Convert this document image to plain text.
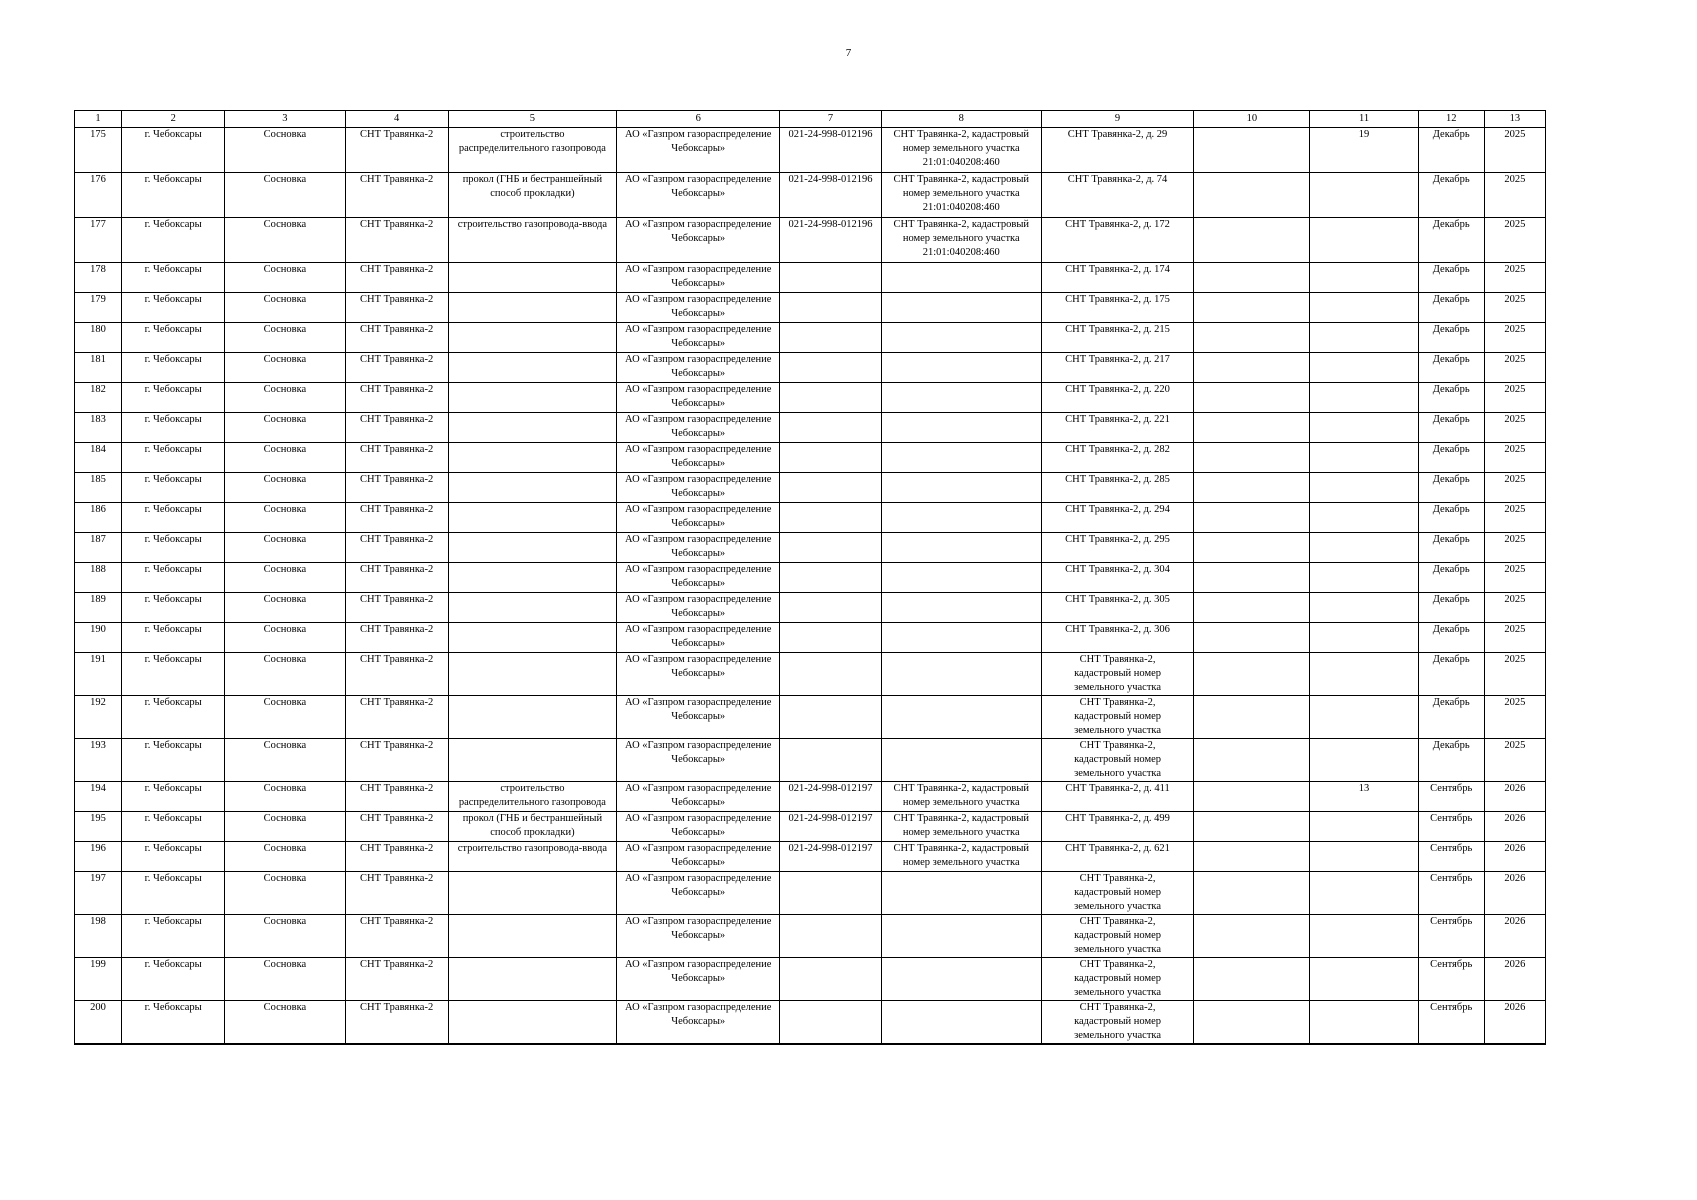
7
1	2	3	4	5	6	7	8	9	10	11	12	13
175	г. Чебоксары	Сосновка	СНТ Травянка-2	строительство
распределительного газопровода	АО «Газпром газораспределение
Чебоксары»	021-24-998-012196	СНТ Травянка-2, кадастровый
номер земельного участка
21:01:040208:460	СНТ Травянка-2, д. 29		19	Декабрь	2025
176	г. Чебоксары	Сосновка	СНТ Травянка-2	прокол (ГНБ и бестраншейный
способ прокладки)	АО «Газпром газораспределение
Чебоксары»	021-24-998-012196	СНТ Травянка-2, кадастровый
номер земельного участка
21:01:040208:460	СНТ Травянка-2, д. 74			Декабрь	2025
177	г. Чебоксары	Сосновка	СНТ Травянка-2	строительство газопровода-ввода	АО «Газпром газораспределение
Чебоксары»	021-24-998-012196	СНТ Травянка-2, кадастровый
номер земельного участка
21:01:040208:460	СНТ Травянка-2, д. 172			Декабрь	2025
178	г. Чебоксары	Сосновка	СНТ Травянка-2		АО «Газпром газораспределение
Чебоксары»			СНТ Травянка-2, д. 174			Декабрь	2025
179	г. Чебоксары	Сосновка	СНТ Травянка-2		АО «Газпром газораспределение
Чебоксары»			СНТ Травянка-2, д. 175			Декабрь	2025
180	г. Чебоксары	Сосновка	СНТ Травянка-2		АО «Газпром газораспределение
Чебоксары»			СНТ Травянка-2, д. 215			Декабрь	2025
181	г. Чебоксары	Сосновка	СНТ Травянка-2		АО «Газпром газораспределение
Чебоксары»			СНТ Травянка-2, д. 217			Декабрь	2025
182	г. Чебоксары	Сосновка	СНТ Травянка-2		АО «Газпром газораспределение
Чебоксары»			СНТ Травянка-2, д. 220			Декабрь	2025
183	г. Чебоксары	Сосновка	СНТ Травянка-2		АО «Газпром газораспределение
Чебоксары»			СНТ Травянка-2, д. 221			Декабрь	2025
184	г. Чебоксары	Сосновка	СНТ Травянка-2		АО «Газпром газораспределение
Чебоксары»			СНТ Травянка-2, д. 282			Декабрь	2025
185	г. Чебоксары	Сосновка	СНТ Травянка-2		АО «Газпром газораспределение
Чебоксары»			СНТ Травянка-2, д. 285			Декабрь	2025
186	г. Чебоксары	Сосновка	СНТ Травянка-2		АО «Газпром газораспределение
Чебоксары»			СНТ Травянка-2, д. 294			Декабрь	2025
187	г. Чебоксары	Сосновка	СНТ Травянка-2		АО «Газпром газораспределение
Чебоксары»			СНТ Травянка-2, д. 295			Декабрь	2025
188	г. Чебоксары	Сосновка	СНТ Травянка-2		АО «Газпром газораспределение
Чебоксары»			СНТ Травянка-2, д. 304			Декабрь	2025
189	г. Чебоксары	Сосновка	СНТ Травянка-2		АО «Газпром газораспределение
Чебоксары»			СНТ Травянка-2, д. 305			Декабрь	2025
190	г. Чебоксары	Сосновка	СНТ Травянка-2		АО «Газпром газораспределение
Чебоксары»			СНТ Травянка-2, д. 306			Декабрь	2025
191	г. Чебоксары	Сосновка	СНТ Травянка-2		АО «Газпром газораспределение
Чебоксары»			СНТ Травянка-2,
кадастровый номер
земельного участка			Декабрь	2025
192	г. Чебоксары	Сосновка	СНТ Травянка-2		АО «Газпром газораспределение
Чебоксары»			СНТ Травянка-2,
кадастровый номер
земельного участка			Декабрь	2025
193	г. Чебоксары	Сосновка	СНТ Травянка-2		АО «Газпром газораспределение
Чебоксары»			СНТ Травянка-2,
кадастровый номер
земельного участка			Декабрь	2025
194	г. Чебоксары	Сосновка	СНТ Травянка-2	строительство
распределительного газопровода	АО «Газпром газораспределение
Чебоксары»	021-24-998-012197	СНТ Травянка-2, кадастровый
номер земельного участка	СНТ Травянка-2, д. 411		13	Сентябрь	2026
195	г. Чебоксары	Сосновка	СНТ Травянка-2	прокол (ГНБ и бестраншейный
способ прокладки)	АО «Газпром газораспределение
Чебоксары»	021-24-998-012197	СНТ Травянка-2, кадастровый
номер земельного участка	СНТ Травянка-2, д. 499			Сентябрь	2026
196	г. Чебоксары	Сосновка	СНТ Травянка-2	строительство газопровода-ввода	АО «Газпром газораспределение
Чебоксары»	021-24-998-012197	СНТ Травянка-2, кадастровый
номер земельного участка	СНТ Травянка-2, д. 621			Сентябрь	2026
197	г. Чебоксары	Сосновка	СНТ Травянка-2		АО «Газпром газораспределение
Чебоксары»			СНТ Травянка-2,
кадастровый номер
земельного участка			Сентябрь	2026
198	г. Чебоксары	Сосновка	СНТ Травянка-2		АО «Газпром газораспределение
Чебоксары»			СНТ Травянка-2,
кадастровый номер
земельного участка			Сентябрь	2026
199	г. Чебоксары	Сосновка	СНТ Травянка-2		АО «Газпром газораспределение
Чебоксары»			СНТ Травянка-2,
кадастровый номер
земельного участка			Сентябрь	2026
200	г. Чебоксары	Сосновка	СНТ Травянка-2		АО «Газпром газораспределение
Чебоксары»			СНТ Травянка-2,
кадастровый номер
земельного участка			Сентябрь	2026
